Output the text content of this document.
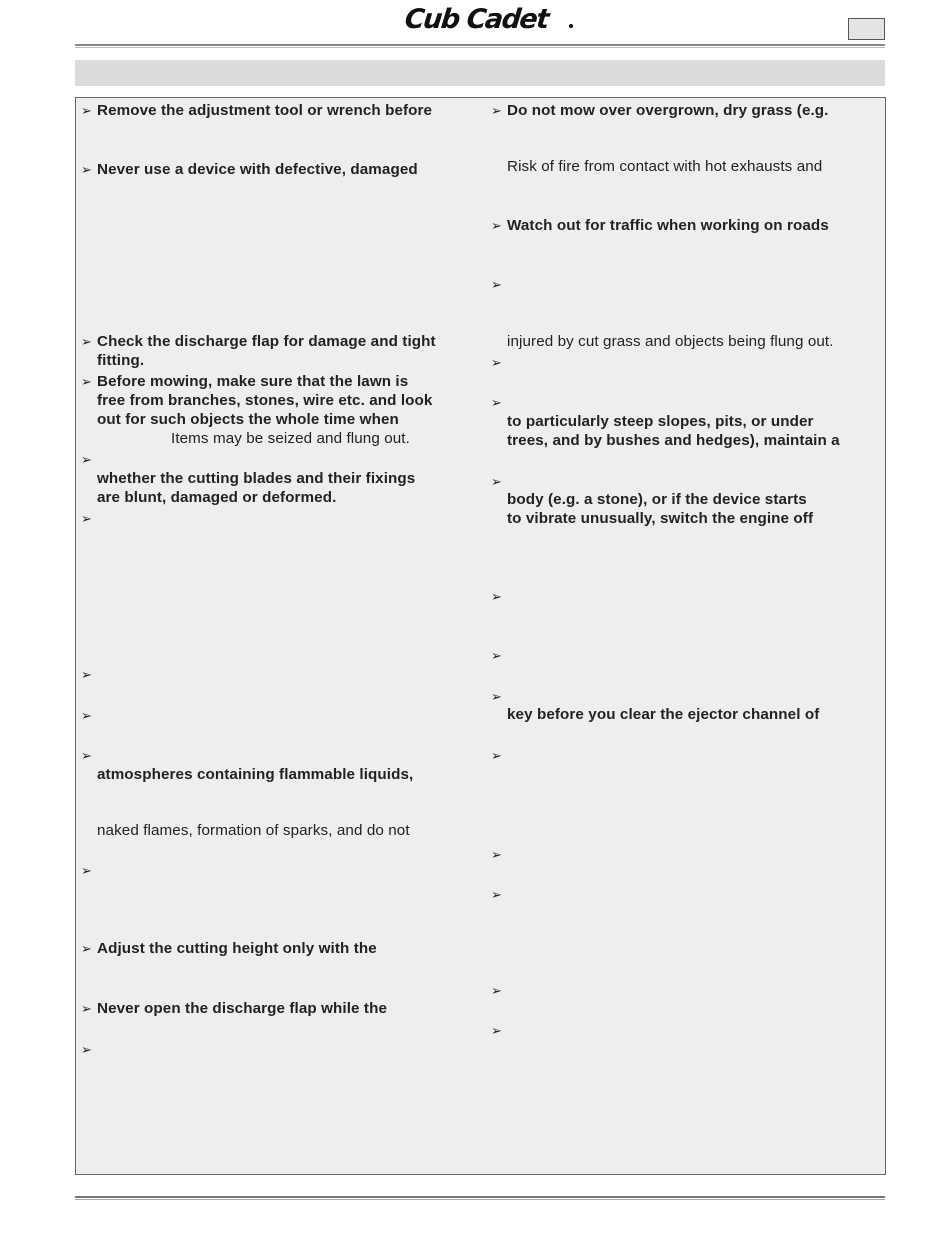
Cub Cadet
➢ Remove the adjustment tool or wrench before
➢ Never use a device with defective, damaged
➢ Check the discharge flap for damage and tight
fitting.
➢ Before mowing, make sure that the lawn is
free from branches, stones, wire etc. and look
out for such objects the whole time when
Items may be seized and flung out.
➢
whether the cutting blades and their fixings
are blunt, damaged or deformed.
➢
➢
➢
➢
atmospheres containing flammable liquids,
naked flames, formation of sparks, and do not
➢
➢ Adjust the cutting height only with the
➢ Never open the discharge flap while the
➢
➢ Do not mow over overgrown, dry grass (e.g.
Risk of fire from contact with hot exhausts and
➢ Watch out for traffic when working on roads
➢
injured by cut grass and objects being flung out.
➢
➢
to particularly steep slopes, pits, or under
trees, and by bushes and hedges), maintain a
➢
body (e.g. a stone), or if the device starts
to vibrate unusually, switch the engine off
➢
➢
➢
key before you clear the ejector channel of
➢
➢
➢
➢
➢
